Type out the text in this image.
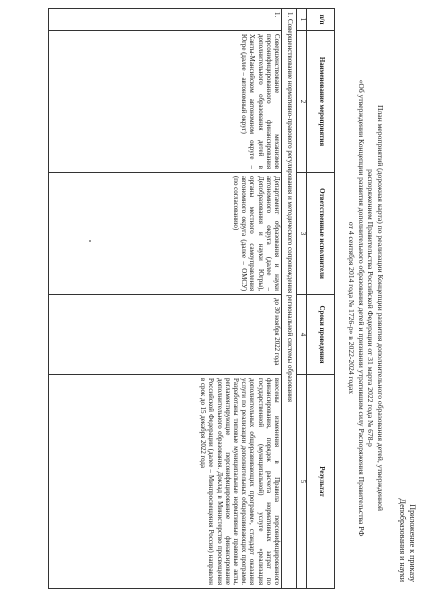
Приложение к приказу
Депобразования и науки
План мероприятий (дорожная карта) по реализации Концепции развития дополнительного образования детей, утвержденной
распоряжением Правительства Российской Федерации от 31 марта 2022 года № 678-р
«Об утверждении Концепции развития дополнительного образования детей и признании утратившим силу Распоряжения Правительства РФ
от 4 сентября 2014 года № 1726-р» в 2022-2024 годах
п/п	Наименование мероприятия	Ответственные исполнители	Сроки проведения	Результат
1	2	3	4	5
1. Совершенствование нормативно-правового регулирования и методического сопровождения региональной системы образования				
1.	Совершенствование механизмов персонифицированного финансирования дополнительного образования детей в Ханты-Мансийском автономном округе – Югре (далее – автономный округ)	Департамент образования и науки автономного округа (далее – Депобразования и науки Югры), органы местного самоуправления автономного округа (далее – ОМСУ) (по согласованию)	до 30 ноября 2022 года	внесены изменения в Правила персонифицированного финансирования, порядок расчета нормативных затрат по государственной (муниципальной) услуге «реализация дополнительных общеразвивающих программ», стандарт оказания услуги по реализации дополнительных общеразвивающих программ. Разработаны типовые муниципальные нормативные правовые акты, регламентирующие персонифицированное финансирование дополнительного образования. Доклад в Министерство просвещения Российской Федерации (далее – Минпросвещения России) направлен в срок до 15 декабря 2022 года
